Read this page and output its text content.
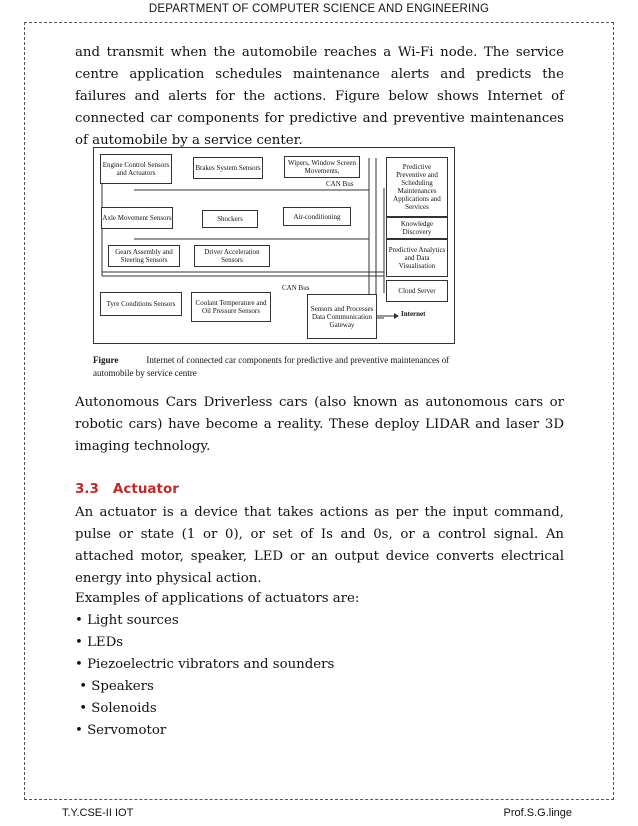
DEPARTMENT OF COMPUTER SCIENCE AND ENGINEERING
and transmit when the automobile reaches a Wi-Fi node. The service centre application schedules maintenance alerts and predicts the failures and alerts for the actions. Figure below shows Internet of connected car components for predictive and preventive maintenances of automobile by a service center.
Engine Control Sensors and Actuators
Brakes System Sensors
Wipers, Window Screen Movements,
CAN Bus
Axle Movement Sensors	Shockers	Air-conditioning
Gears Assembly and Steering Sensors
Driver Acceleration Sensors
CAN Bus
Tyre Conditions Sensors	Coolant Temperature and Oil Pressure Sensors	Sensors and Processes Data Communication Gateway
Predictive Preventive and Scheduling Maintenances Applications and Services
Knowledge Discovery
Predictive Analytics and Data Visualisation
Cloud Server
Internet
Figure	Internet of connected car components for predictive and preventive maintenances of automobile by service centre
Autonomous Cars Driverless cars (also known as autonomous cars or robotic cars) have become a reality. These deploy LIDAR and laser 3D imaging technology.
3.3 Actuator
An actuator is a device that takes actions as per the input command, pulse or state (1 or 0), or set of Is and 0s, or a control signal. An attached motor, speaker, LED or an output device converts electrical energy into physical action.
Examples of applications of actuators are:
• Light sources
• LEDs
• Piezoelectric vibrators and sounders
• Speakers
• Solenoids
• Servomotor
T.Y.CSE-II IOT	Prof.S.G.linge
